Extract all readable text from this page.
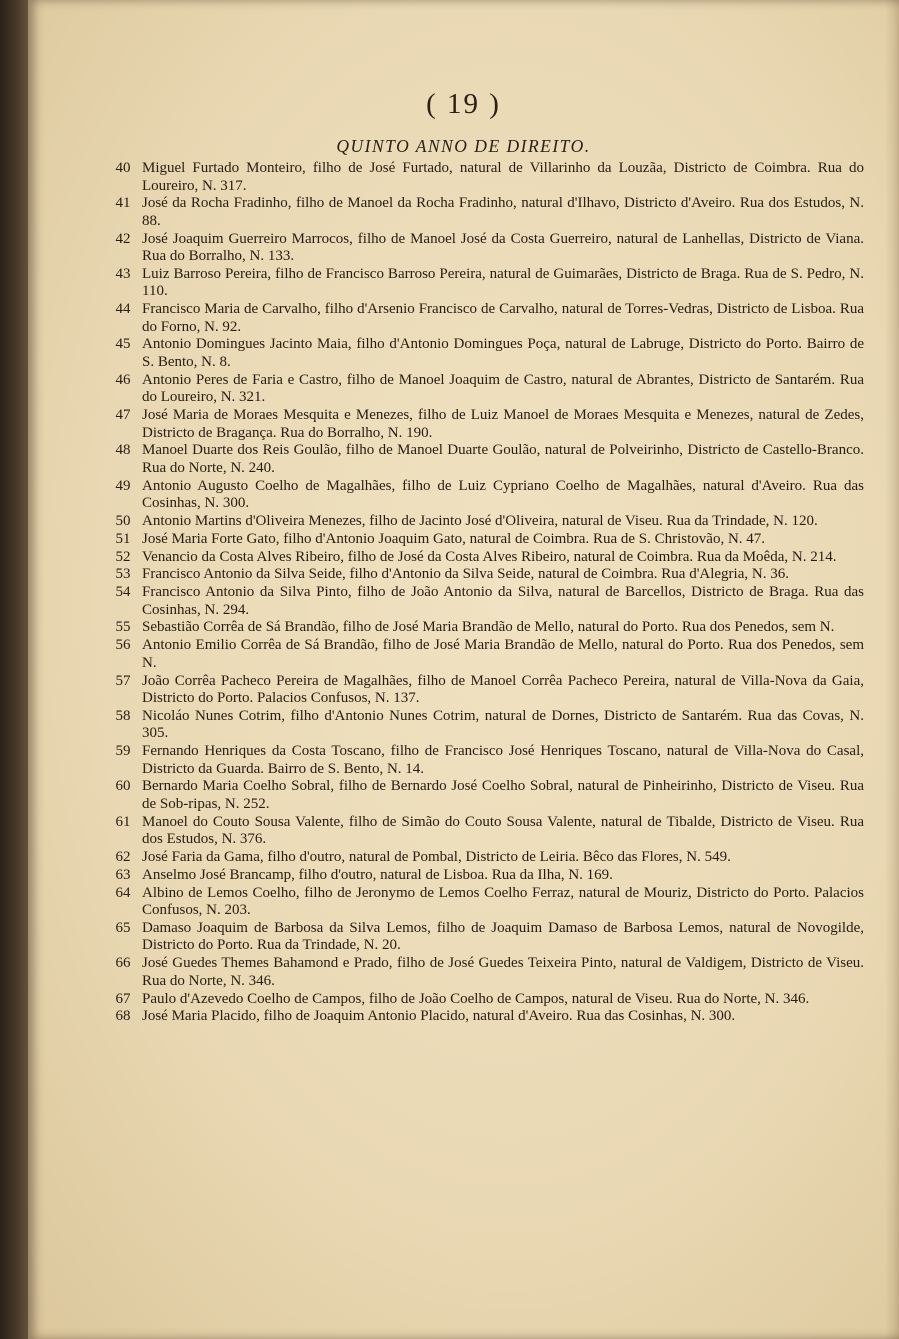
( 19 )
QUINTO ANNO DE DIREITO.
40 Miguel Furtado Monteiro, filho de José Furtado, natural de Villarinho da Louzãa, Districto de Coimbra. Rua do Loureiro, N. 317.
41 José da Rocha Fradinho, filho de Manoel da Rocha Fradinho, natural d'Ilhavo, Districto d'Aveiro. Rua dos Estudos, N. 88.
42 José Joaquim Guerreiro Marrocos, filho de Manoel José da Costa Guerreiro, natural de Lanhellas, Districto de Viana. Rua do Borralho, N. 133.
43 Luiz Barroso Pereira, filho de Francisco Barroso Pereira, natural de Guimarães, Districto de Braga. Rua de S. Pedro, N. 110.
44 Francisco Maria de Carvalho, filho d'Arsenio Francisco de Carvalho, natural de Torres-Vedras, Districto de Lisboa. Rua do Forno, N. 92.
45 Antonio Domingues Jacinto Maia, filho d'Antonio Domingues Poça, natural de Labruge, Districto do Porto. Bairro de S. Bento, N. 8.
46 Antonio Peres de Faria e Castro, filho de Manoel Joaquim de Castro, natural de Abrantes, Districto de Santarém. Rua do Loureiro, N. 321.
47 José Maria de Moraes Mesquita e Menezes, filho de Luiz Manoel de Moraes Mesquita e Menezes, natural de Zedes, Districto de Bragança. Rua do Borralho, N. 190.
48 Manoel Duarte dos Reis Goulão, filho de Manoel Duarte Goulão, natural de Polveirinho, Districto de Castello-Branco. Rua do Norte, N. 240.
49 Antonio Augusto Coelho de Magalhães, filho de Luiz Cypriano Coelho de Magalhães, natural d'Aveiro. Rua das Cosinhas, N. 300.
50 Antonio Martins d'Oliveira Menezes, filho de Jacinto José d'Oliveira, natural de Viseu. Rua da Trindade, N. 120.
51 José Maria Forte Gato, filho d'Antonio Joaquim Gato, natural de Coimbra. Rua de S. Christovão, N. 47.
52 Venancio da Costa Alves Ribeiro, filho de José da Costa Alves Ribeiro, natural de Coimbra. Rua da Moêda, N. 214.
53 Francisco Antonio da Silva Seide, filho d'Antonio da Silva Seide, natural de Coimbra. Rua d'Alegria, N. 36.
54 Francisco Antonio da Silva Pinto, filho de João Antonio da Silva, natural de Barcellos, Districto de Braga. Rua das Cosinhas, N. 294.
55 Sebastião Corrêa de Sá Brandão, filho de José Maria Brandão de Mello, natural do Porto. Rua dos Penedos, sem N.
56 Antonio Emilio Corrêa de Sá Brandão, filho de José Maria Brandão de Mello, natural do Porto. Rua dos Penedos, sem N.
57 João Corrêa Pacheco Pereira de Magalhães, filho de Manoel Corrêa Pacheco Pereira, natural de Villa-Nova da Gaia, Districto do Porto. Palacios Confusos, N. 137.
58 Nicoláo Nunes Cotrim, filho d'Antonio Nunes Cotrim, natural de Dornes, Districto de Santarém. Rua das Covas, N. 305.
59 Fernando Henriques da Costa Toscano, filho de Francisco José Henriques Toscano, natural de Villa-Nova do Casal, Districto da Guarda. Bairro de S. Bento, N. 14.
60 Bernardo Maria Coelho Sobral, filho de Bernardo José Coelho Sobral, natural de Pinheirinho, Districto de Viseu. Rua de Sob-ripas, N. 252.
61 Manoel do Couto Sousa Valente, filho de Simão do Couto Sousa Valente, natural de Tibalde, Districto de Viseu. Rua dos Estudos, N. 376.
62 José Faria da Gama, filho d'outro, natural de Pombal, Districto de Leiria. Bêco das Flores, N. 549.
63 Anselmo José Brancamp, filho d'outro, natural de Lisboa. Rua da Ilha, N. 169.
64 Albino de Lemos Coelho, filho de Jeronymo de Lemos Coelho Ferraz, natural de Mouriz, Districto do Porto. Palacios Confusos, N. 203.
65 Damaso Joaquim de Barbosa da Silva Lemos, filho de Joaquim Damaso de Barbosa Lemos, natural de Novogilde, Districto do Porto. Rua da Trindade, N. 20.
66 José Guedes Themes Bahamond e Prado, filho de José Guedes Teixeira Pinto, natural de Valdigem, Districto de Viseu. Rua do Norte, N. 346.
67 Paulo d'Azevedo Coelho de Campos, filho de João Coelho de Campos, natural de Viseu. Rua do Norte, N. 346.
68 José Maria Placido, filho de Joaquim Antonio Placido, natural d'Aveiro. Rua das Cosinhas, N. 300.
